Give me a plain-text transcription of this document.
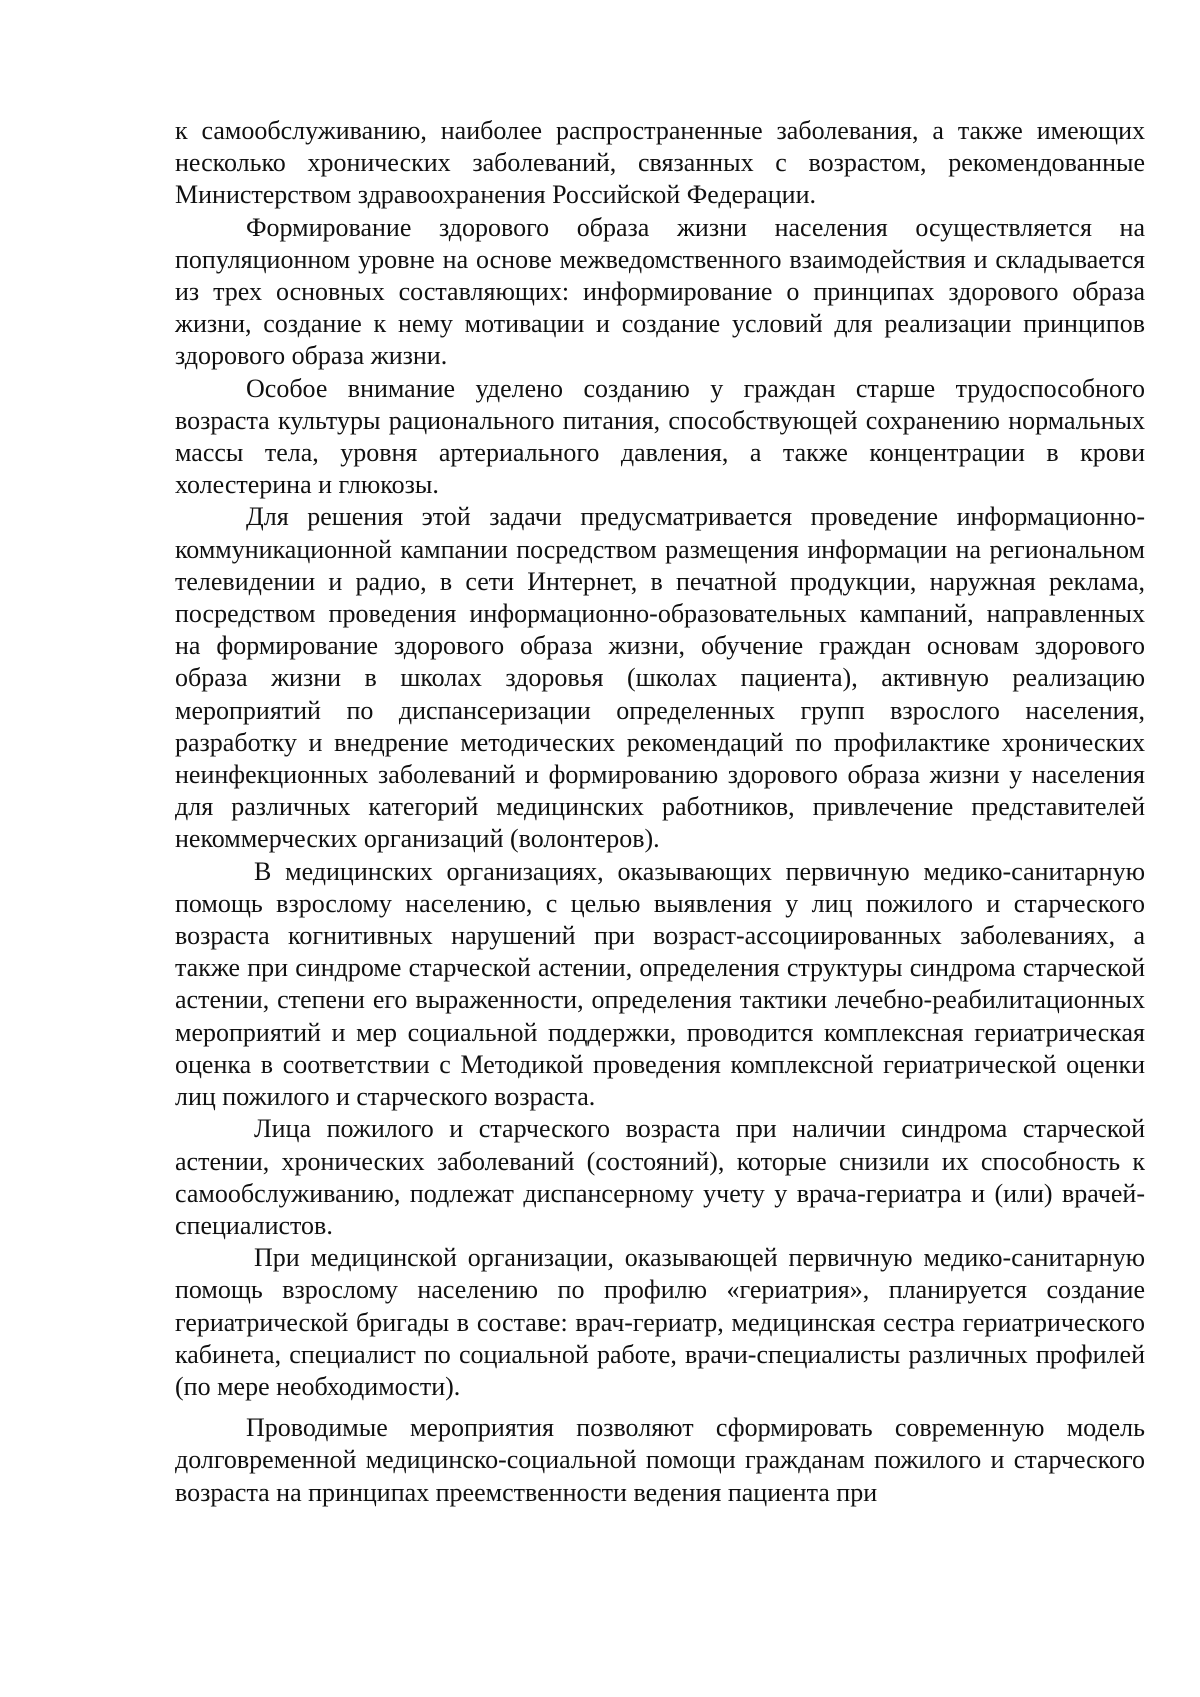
к самообслуживанию, наиболее распространенные заболевания, а также имеющих несколько хронических заболеваний, связанных с возрастом, рекомендованные Министерством здравоохранения Российской Федерации.

Формирование здорового образа жизни населения осуществляется на популяционном уровне на основе межведомственного взаимодействия и складывается из трех основных составляющих: информирование о принципах здорового образа жизни, создание к нему мотивации и создание условий для реализации принципов здорового образа жизни.

Особое внимание уделено созданию у граждан старше трудоспособного возраста культуры рационального питания, способствующей сохранению нормальных массы тела, уровня артериального давления, а также концентрации в крови холестерина и глюкозы.

Для решения этой задачи предусматривается проведение информационно-коммуникационной кампании посредством размещения информации на региональном телевидении и радио, в сети Интернет, в печатной продукции, наружная реклама, посредством проведения информационно-образовательных кампаний, направленных на формирование здорового образа жизни, обучение граждан основам здорового образа жизни в школах здоровья (школах пациента), активную реализацию мероприятий по диспансеризации определенных групп взрослого населения, разработку и внедрение методических рекомендаций по профилактике хронических неинфекционных заболеваний и формированию здорового образа жизни у населения для различных категорий медицинских работников, привлечение представителей некоммерческих организаций (волонтеров).

В медицинских организациях, оказывающих первичную медико-санитарную помощь взрослому населению, с целью выявления у лиц пожилого и старческого возраста когнитивных нарушений при возраст-ассоциированных заболеваниях, а также при синдроме старческой астении, определения структуры синдрома старческой астении, степени его выраженности, определения тактики лечебно-реабилитационных мероприятий и мер социальной поддержки, проводится комплексная гериатрическая оценка в соответствии с Методикой проведения комплексной гериатрической оценки лиц пожилого и старческого возраста.

Лица пожилого и старческого возраста при наличии синдрома старческой астении, хронических заболеваний (состояний), которые снизили их способность к самообслуживанию, подлежат диспансерному учету у врача-гериатра и (или) врачей-специалистов.

При медицинской организации, оказывающей первичную медико-санитарную помощь взрослому населению по профилю «гериатрия», планируется создание гериатрической бригады в составе: врач-гериатр, медицинская сестра гериатрического кабинета, специалист по социальной работе, врачи-специалисты различных профилей (по мере необходимости).

Проводимые мероприятия позволяют сформировать современную модель долговременной медицинско-социальной помощи гражданам пожилого и старческого возраста на принципах преемственности ведения пациента при
